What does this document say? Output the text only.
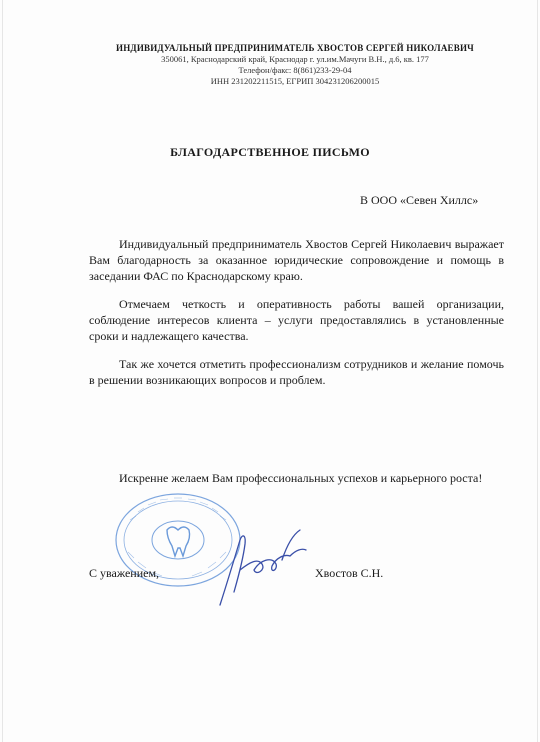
ИНДИВИДУАЛЬНЫЙ ПРЕДПРИНИМАТЕЛЬ ХВОСТОВ СЕРГЕЙ НИКОЛАЕВИЧ
350061, Краснодарский край, Краснодар г. ул.им.Мачуги В.Н., д.6, кв. 177
Телефон/факс: 8(861)233-29-04
ИНН 231202211515, ЕГРИП 304231206200015
БЛАГОДАРСТВЕННОЕ ПИСЬМО
В ООО «Севен Хиллс»

Индивидуальный предприниматель Хвостов Сергей Николаевич выражает Вам благодарность за оказанное юридические сопровождение и помощь в заседании ФАС по Краснодарскому краю.

Отмечаем четкость и оперативность работы вашей организации, соблюдение интересов клиента – услуги предоставлялись в установленные сроки и надлежащего качества.

Так же хочется отметить профессионализм сотрудников и желание помочь в решении возникающих вопросов и проблем.

Искренне желаем Вам профессиональных успехов и карьерного роста!
С уважением,	Хвостов С.Н.
